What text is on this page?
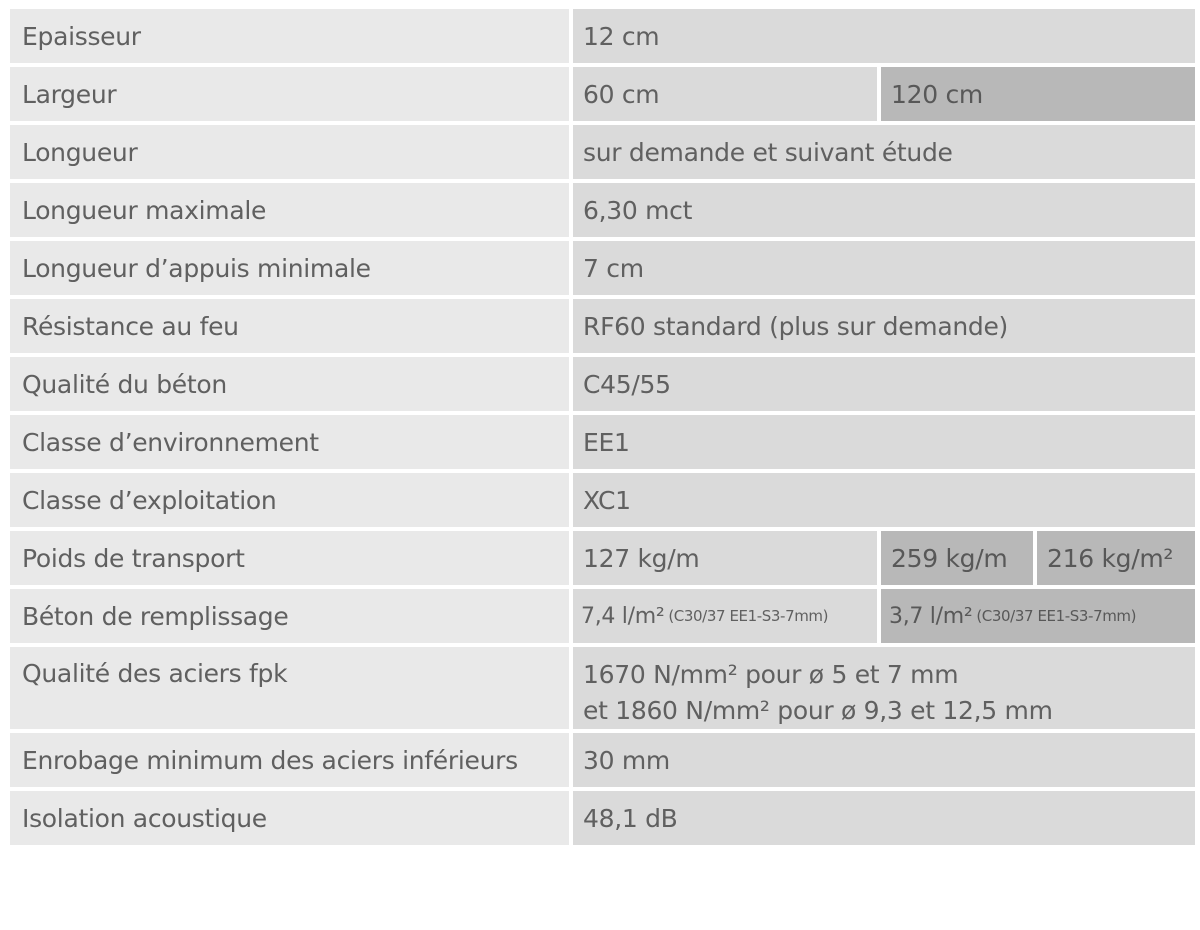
Epaisseur	12 cm
Largeur	60 cm	120 cm
Longueur	sur demande et suivant étude
Longueur maximale	6,30 mct
Longueur d’appuis minimale	7 cm
Résistance au feu	RF60 standard (plus sur demande)
Qualité du béton	C45/55
Classe d’environnement	EE1
Classe d’exploitation	XC1
Poids de transport	127 kg/m	259 kg/m	216 kg/m²
Béton de remplissage	7,4 l/m² (C30/37 EE1-S3-7mm)	3,7 l/m² (C30/37 EE1-S3-7mm)
Qualité des aciers fpk	1670 N/mm² pour ø 5 et 7 mm
et 1860 N/mm² pour ø 9,3 et 12,5 mm
Enrobage minimum des aciers inférieurs	30 mm
Isolation acoustique	48,1 dB
